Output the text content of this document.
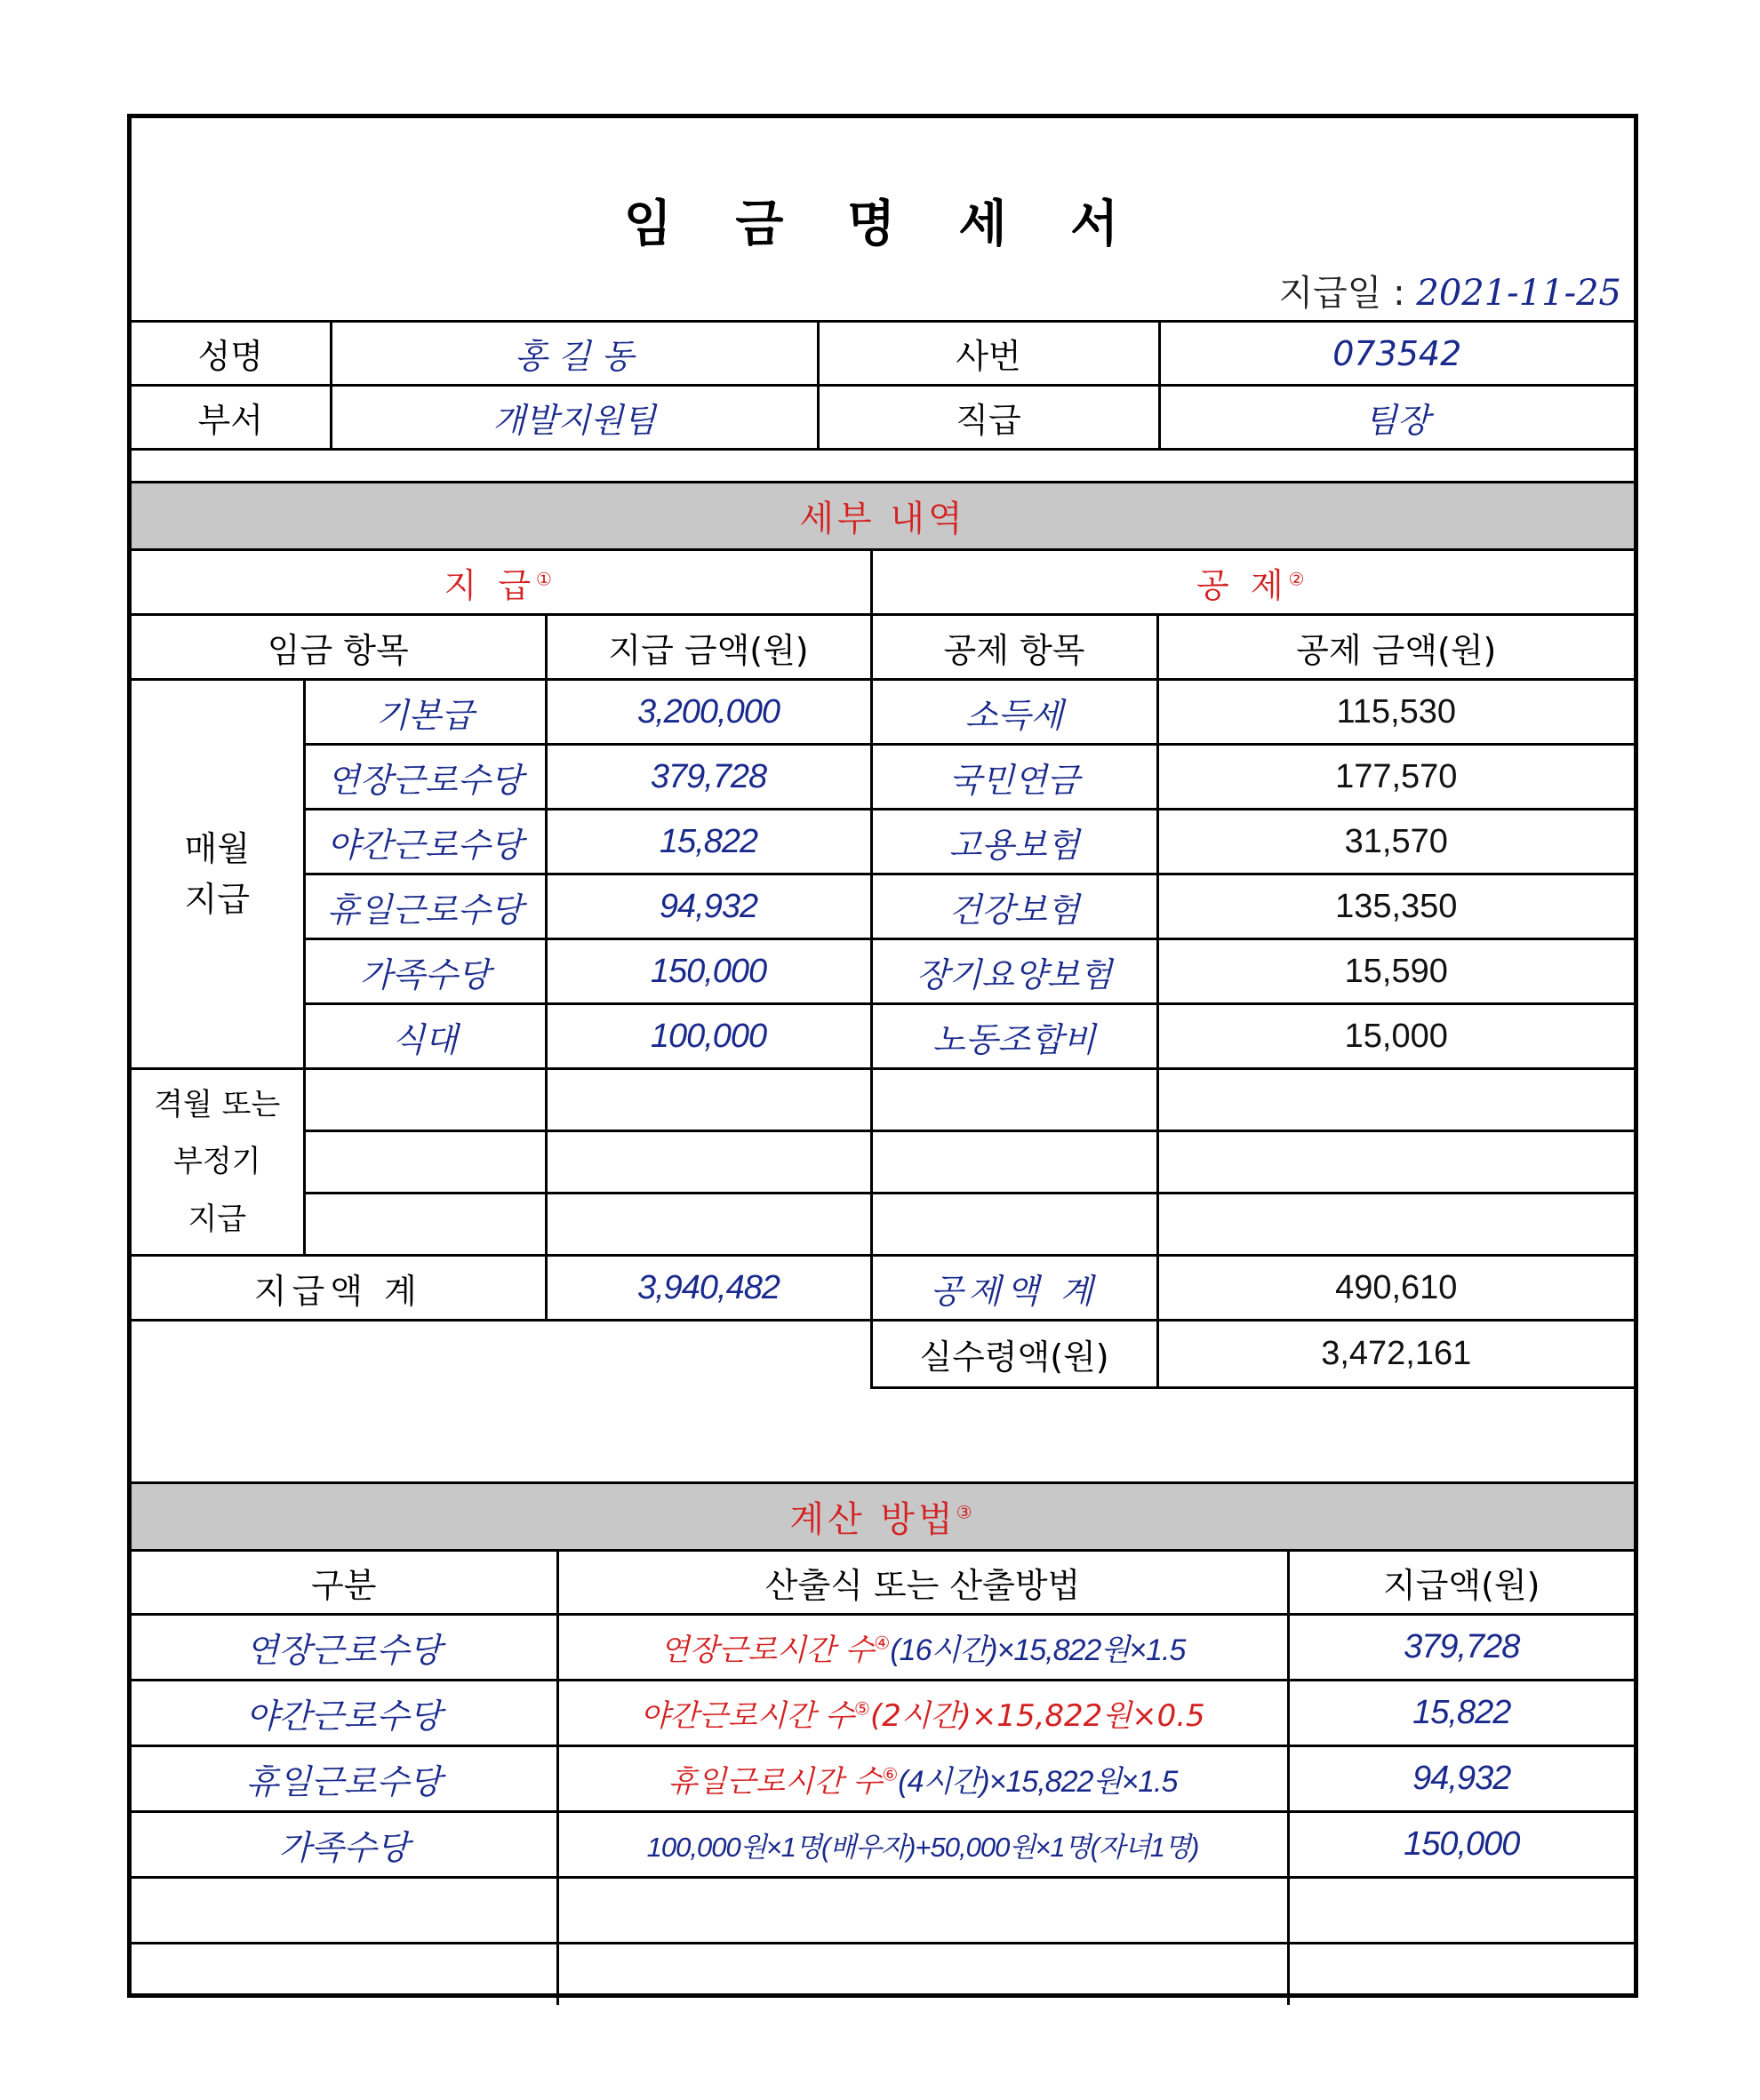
임 금 명 세 서
지급일 : 2021-11-25
성명	홍 길 동	사번	073542
부서	개발지원팀	직급	팀장
세부 내역				
지 급①			공 제②
임금 항목		지급 금액(원)	공제 항목	공제 금액(원)

매월
지급	기본급	3,200,000	소득세	115,530
	연장근로수당	379,728	국민연금	177,570
	야간근로수당	15,822	고용보험	31,570
	휴일근로수당	94,932	건강보험	135,350
	가족수당	150,000	장기요양보험	15,590
	식대	100,000	노동조합비	15,000

격월 또는
부정기
지급				

지급액 계		3,940,482	공제액 계	490,610
			실수령액(원)	3,472,161
계산 방법③
구분	산출식 또는 산출방법	지급액(원)
연장근로수당	연장근로시간 수④(16시간)×15,822원×1.5	379,728
야간근로수당	야간근로시간 수⑤(2시간)×15,822원×0.5	15,822
휴일근로수당	휴일근로시간 수⑥(4시간)×15,822원×1.5	94,932
가족수당	100,000원×1명(배우자)+50,000원×1명(자녀1명)	150,000
